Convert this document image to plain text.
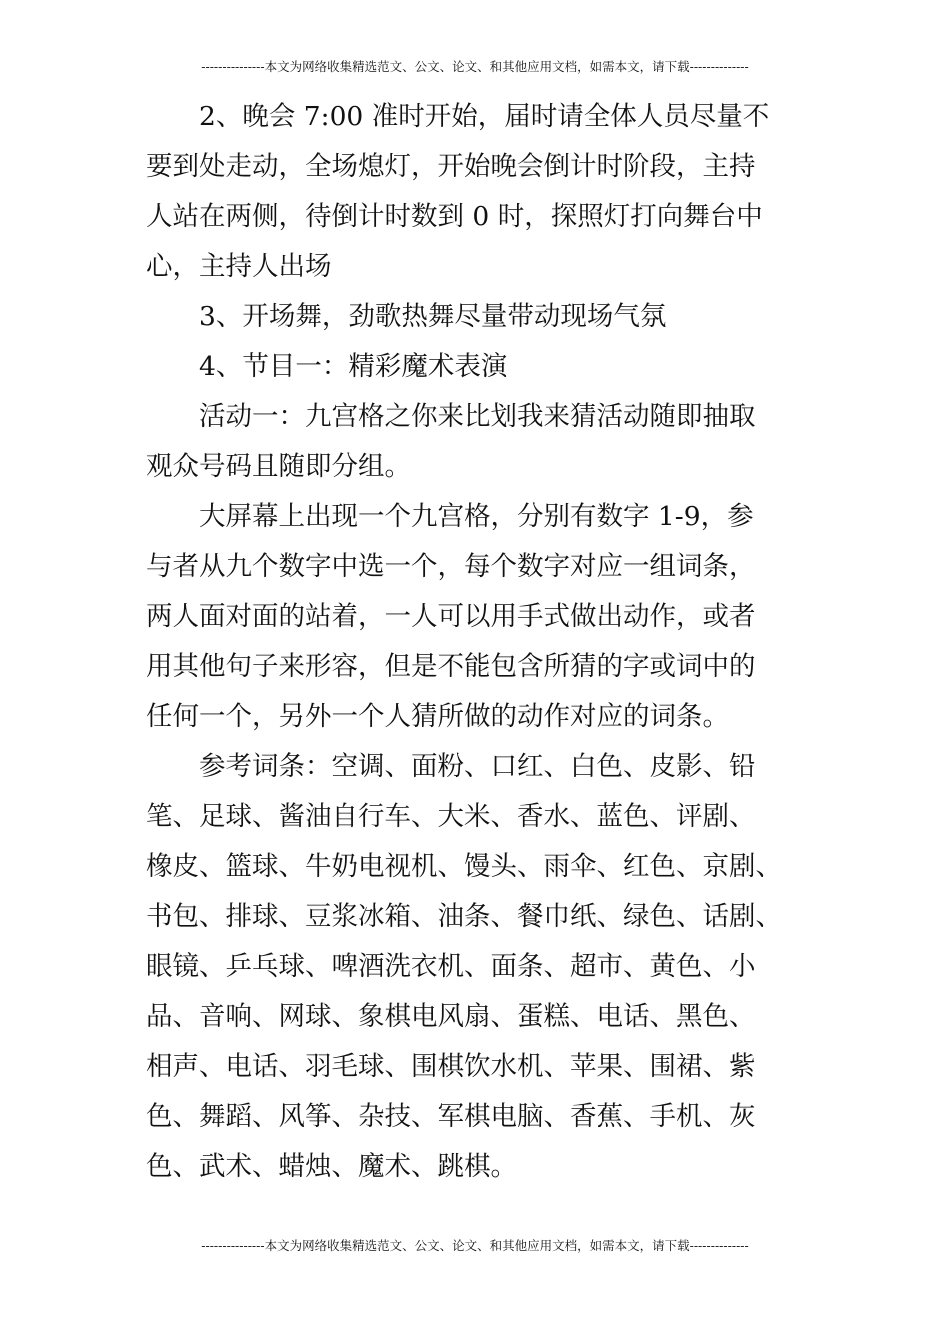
---------------本文为网络收集精选范文、公文、论文、和其他应用文档，如需本文，请下载--------------

2、晚会 7:00 准时开始，届时请全体人员尽量不
要到处走动，全场熄灯，开始晚会倒计时阶段，主持
人站在两侧，待倒计时数到 0 时，探照灯打向舞台中
心，主持人出场

3、开场舞，劲歌热舞尽量带动现场气氛

4、节目一：精彩魔术表演

活动一：九宫格之你来比划我来猜活动随即抽取
观众号码且随即分组。

大屏幕上出现一个九宫格，分别有数字 1-9，参
与者从九个数字中选一个，每个数字对应一组词条，
两人面对面的站着，一人可以用手式做出动作，或者
用其他句子来形容，但是不能包含所猜的字或词中的
任何一个，另外一个人猜所做的动作对应的词条。

参考词条：空调、面粉、口红、白色、皮影、铅
笔、足球、酱油自行车、大米、香水、蓝色、评剧、
橡皮、篮球、牛奶电视机、馒头、雨伞、红色、京剧、
书包、排球、豆浆冰箱、油条、餐巾纸、绿色、话剧、
眼镜、乒乓球、啤酒洗衣机、面条、超市、黄色、小
品、音响、网球、象棋电风扇、蛋糕、电话、黑色、
相声、电话、羽毛球、围棋饮水机、苹果、围裙、紫
色、舞蹈、风筝、杂技、军棋电脑、香蕉、手机、灰
色、武术、蜡烛、魔术、跳棋。

---------------本文为网络收集精选范文、公文、论文、和其他应用文档，如需本文，请下载--------------
